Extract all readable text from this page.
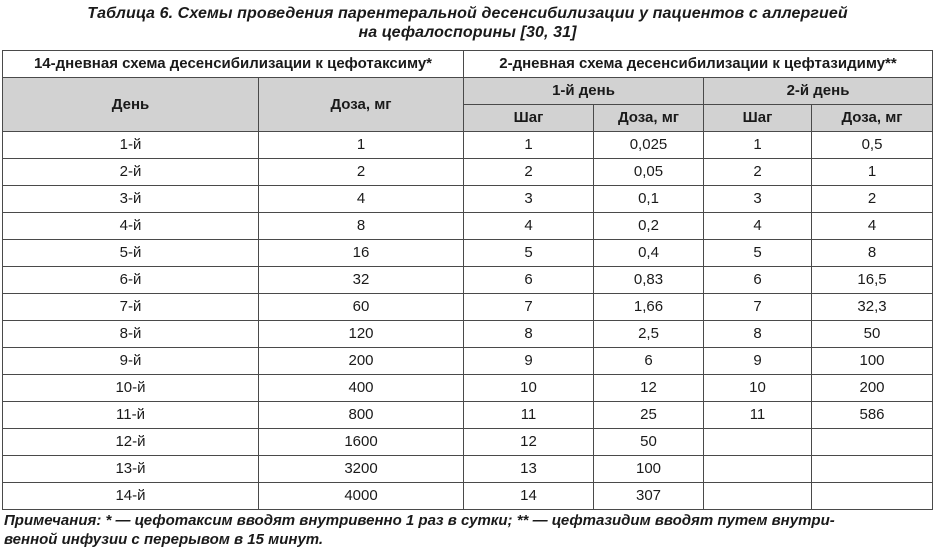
Таблица 6. Схемы проведения парентеральной десенсибилизации у пациентов с аллергией
на цефалоспорины [30, 31]
14-дневная схема десенсибилизации к цефотаксиму*		2-дневная схема десенсибилизации к цефтазидиму**			
День	Доза, мг	1-й день		2-й день	
		Шаг	Доза, мг	Шаг	Доза, мг
1-й	1	1	0,025	1	0,5
2-й	2	2	0,05	2	1
3-й	4	3	0,1	3	2
4-й	8	4	0,2	4	4
5-й	16	5	0,4	5	8
6-й	32	6	0,83	6	16,5
7-й	60	7	1,66	7	32,3
8-й	120	8	2,5	8	50
9-й	200	9	6	9	100
10-й	400	10	12	10	200
11-й	800	11	25	11	586
12-й	1600	12	50		
13-й	3200	13	100		
14-й	4000	14	307		
Примечания: * — цефотаксим вводят внутривенно 1 раз в сутки; ** — цефтазидим вводят путем внутри-
венной инфузии с перерывом в 15 минут.
